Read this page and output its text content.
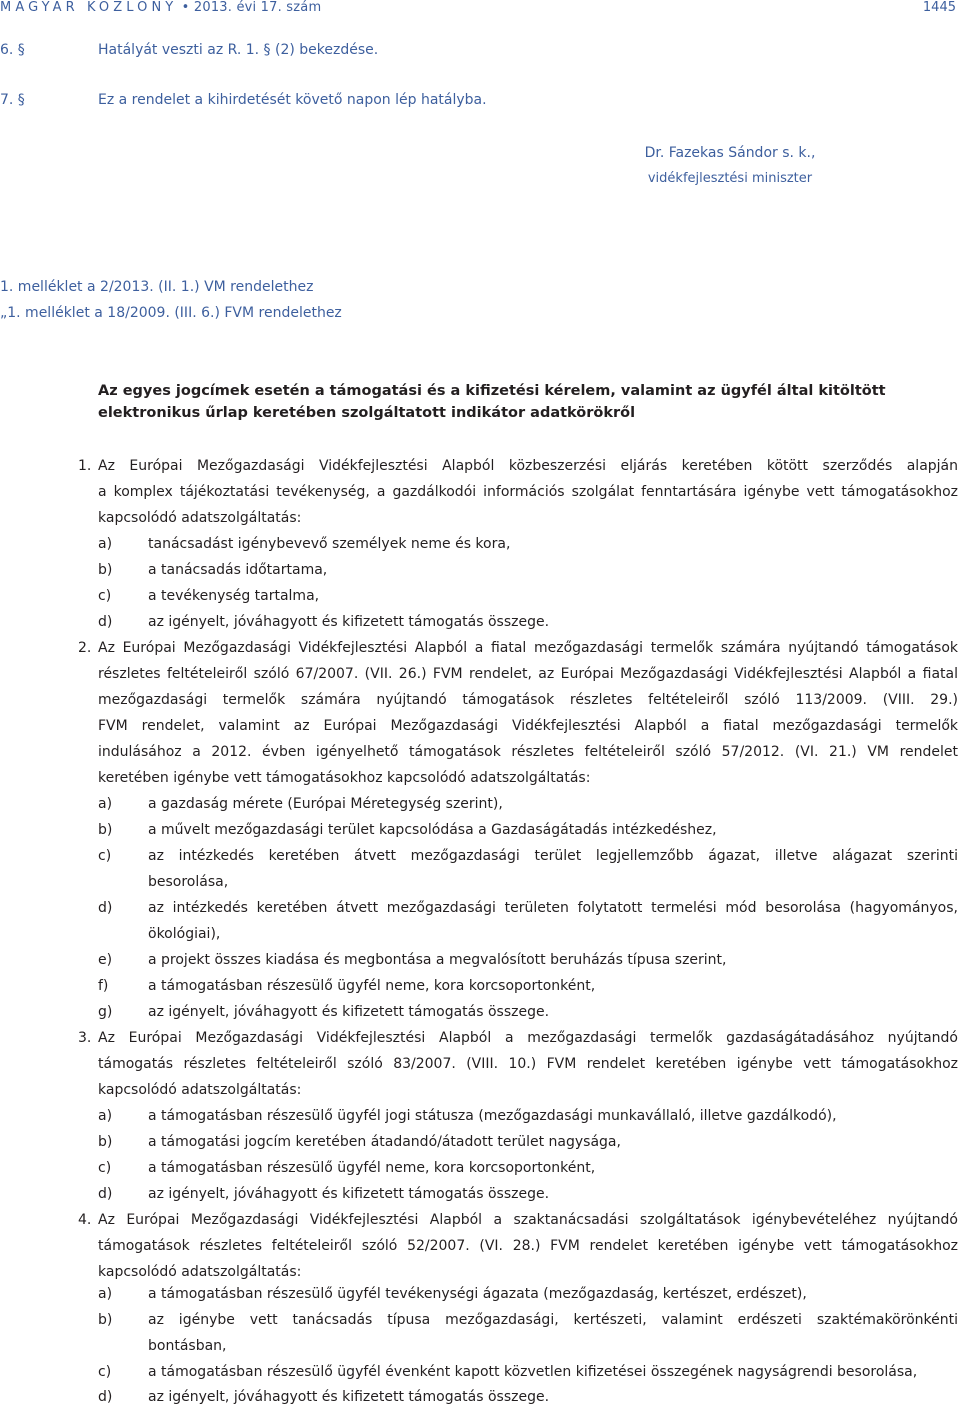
MAGYAR KÖZLÖNY • 2013. évi 17. szám	1445
6. §	Hatályát veszti az R. 1. § (2) bekezdése.
7. §	Ez a rendelet a kihirdetését követő napon lép hatályba.
Dr. Fazekas Sándor s. k.,
vidékfejlesztési miniszter
1. melléklet a 2/2013. (II. 1.) VM rendelethez
„1. melléklet a 18/2009. (III. 6.) FVM rendelethez
Az egyes jogcímek esetén a támogatási és a kifizetési kérelem, valamint az ügyfél által kitöltött
elektronikus űrlap keretében szolgáltatott indikátor adatkörökről
1. Az Európai Mezőgazdasági Vidékfejlesztési Alapból közbeszerzési eljárás keretében kötött szerződés alapján
a komplex tájékoztatási tevékenység, a gazdálkodói információs szolgálat fenntartására igénybe vett támogatásokhoz
kapcsolódó adatszolgáltatás:
a)	tanácsadást igénybevevő személyek neme és kora,
b)	a tanácsadás időtartama,
c)	a tevékenység tartalma,
d)	az igényelt, jóváhagyott és kifizetett támogatás összege.
2. Az Európai Mezőgazdasági Vidékfejlesztési Alapból a fiatal mezőgazdasági termelők számára nyújtandó támogatások
részletes feltételeiről szóló 67/2007. (VII. 26.) FVM rendelet, az Európai Mezőgazdasági Vidékfejlesztési Alapból a fiatal
mezőgazdasági termelők számára nyújtandó támogatások részletes feltételeiről szóló 113/2009. (VIII. 29.)
FVM rendelet, valamint az Európai Mezőgazdasági Vidékfejlesztési Alapból a fiatal mezőgazdasági termelők
indulásához a 2012. évben igényelhető támogatások részletes feltételeiről szóló 57/2012. (VI. 21.) VM rendelet
keretében igénybe vett támogatásokhoz kapcsolódó adatszolgáltatás:
a)	a gazdaság mérete (Európai Méretegység szerint),
b)	a művelt mezőgazdasági terület kapcsolódása a Gazdaságátadás intézkedéshez,
c)	az intézkedés keretében átvett mezőgazdasági terület legjellemzőbb ágazat, illetve alágazat szerinti
besorolása,
d)	az intézkedés keretében átvett mezőgazdasági területen folytatott termelési mód besorolása (hagyományos,
ökológiai),
e)	a projekt összes kiadása és megbontása a megvalósított beruházás típusa szerint,
f)	a támogatásban részesülő ügyfél neme, kora korcsoportonként,
g)	az igényelt, jóváhagyott és kifizetett támogatás összege.
3. Az Európai Mezőgazdasági Vidékfejlesztési Alapból a mezőgazdasági termelők gazdaságátadásához nyújtandó
támogatás részletes feltételeiről szóló 83/2007. (VIII. 10.) FVM rendelet keretében igénybe vett támogatásokhoz
kapcsolódó adatszolgáltatás:
a)	a támogatásban részesülő ügyfél jogi státusza (mezőgazdasági munkavállaló, illetve gazdálkodó),
b)	a támogatási jogcím keretében átadandó/átadott terület nagysága,
c)	a támogatásban részesülő ügyfél neme, kora korcsoportonként,
d)	az igényelt, jóváhagyott és kifizetett támogatás összege.
4. Az Európai Mezőgazdasági Vidékfejlesztési Alapból a szaktanácsadási szolgáltatások igénybevételéhez nyújtandó
támogatások részletes feltételeiről szóló 52/2007. (VI. 28.) FVM rendelet keretében igénybe vett támogatásokhoz
kapcsolódó adatszolgáltatás:
a)	a támogatásban részesülő ügyfél tevékenységi ágazata (mezőgazdaság, kertészet, erdészet),
b)	az igénybe vett tanácsadás típusa mezőgazdasági, kertészeti, valamint erdészeti szaktémakörönkénti
bontásban,
c)	a támogatásban részesülő ügyfél évenként kapott közvetlen kifizetései összegének nagyságrendi besorolása,
d)	az igényelt, jóváhagyott és kifizetett támogatás összege.
